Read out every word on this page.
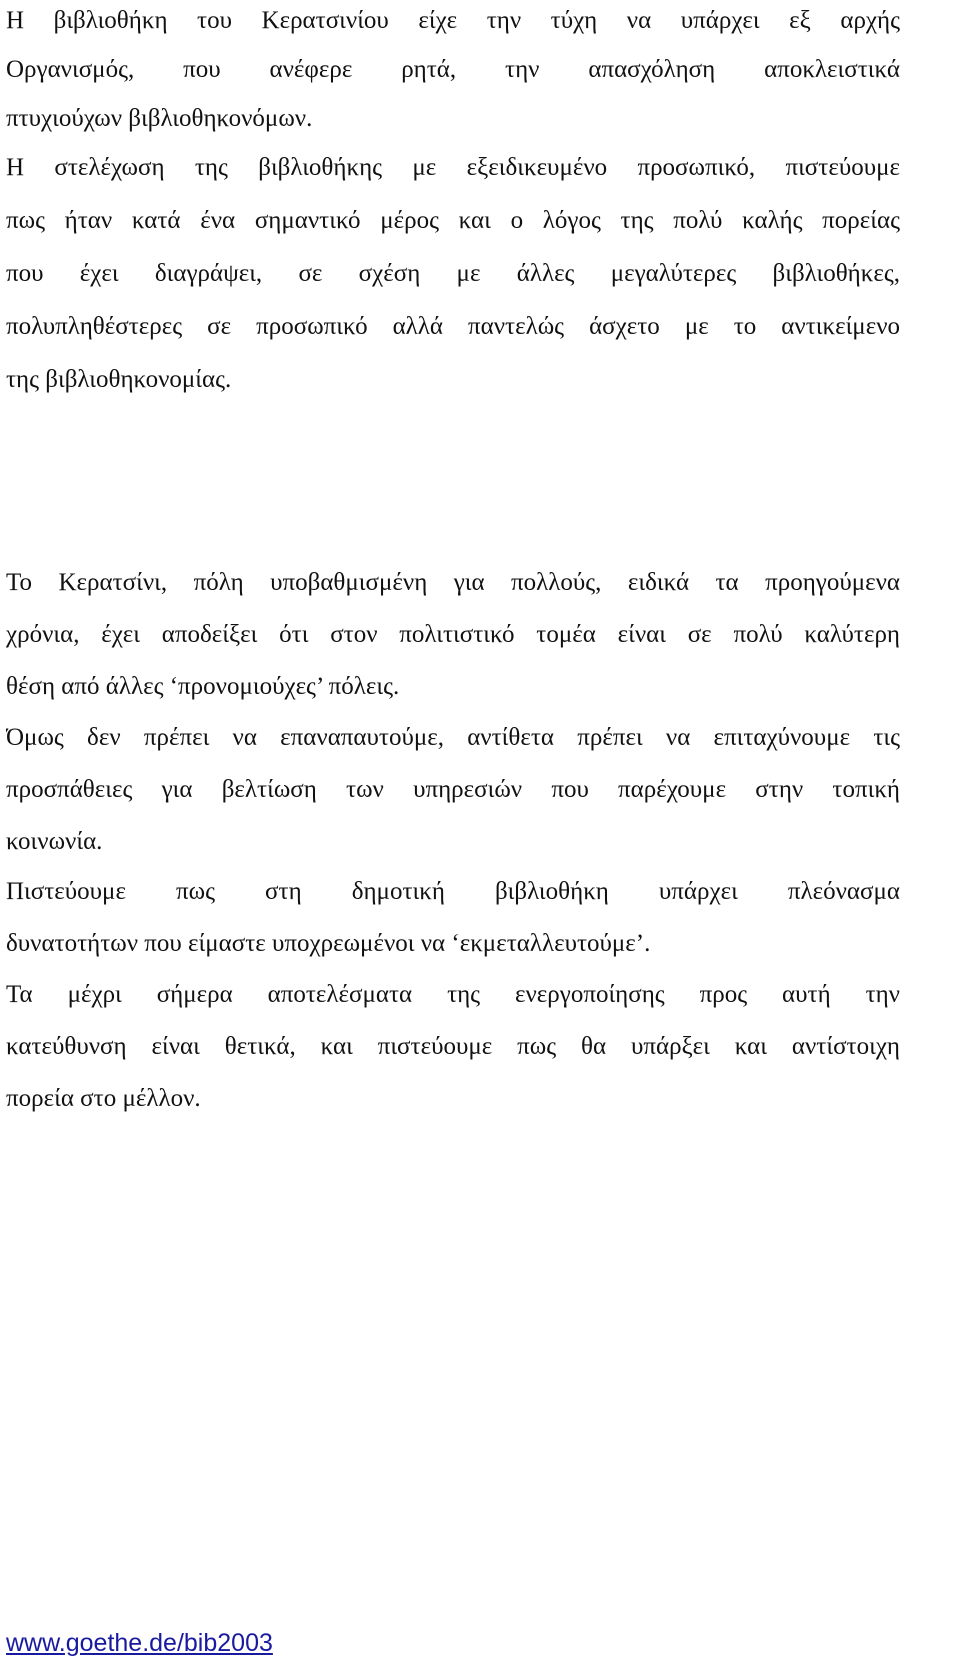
Η βιβλιοθήκη του Κερατσινίου είχε την τύχη να υπάρχει εξ αρχής
Οργανισμός, που ανέφερε ρητά, την απασχόληση αποκλειστικά
πτυχιούχων βιβλιοθηκονόμων.
Η στελέχωση της βιβλιοθήκης με εξειδικευμένο προσωπικό, πιστεύουμε
πως ήταν κατά ένα σημαντικό μέρος και ο λόγος της πολύ καλής πορείας
που έχει διαγράψει, σε σχέση με άλλες μεγαλύτερες βιβλιοθήκες,
πολυπληθέστερες σε προσωπικό αλλά παντελώς άσχετο με το αντικείμενο
της βιβλιοθηκονομίας.
Το Κερατσίνι, πόλη υποβαθμισμένη για πολλούς, ειδικά τα προηγούμενα
χρόνια, έχει αποδείξει ότι στον πολιτιστικό τομέα είναι σε πολύ καλύτερη
θέση από άλλες ‘προνομιούχες’ πόλεις.
Όμως δεν πρέπει να επαναπαυτούμε, αντίθετα πρέπει να επιταχύνουμε τις
προσπάθειες για βελτίωση των υπηρεσιών που παρέχουμε στην τοπική
κοινωνία.
Πιστεύουμε πως στη δημοτική βιβλιοθήκη υπάρχει πλεόνασμα
δυνατοτήτων που είμαστε υποχρεωμένοι να ‘εκμεταλλευτούμε’.
Τα μέχρι σήμερα αποτελέσματα της ενεργοποίησης προς αυτή την
κατεύθυνση είναι θετικά, και πιστεύουμε πως θα υπάρξει και αντίστοιχη
πορεία στο μέλλον.
www.goethe.de/bib2003
